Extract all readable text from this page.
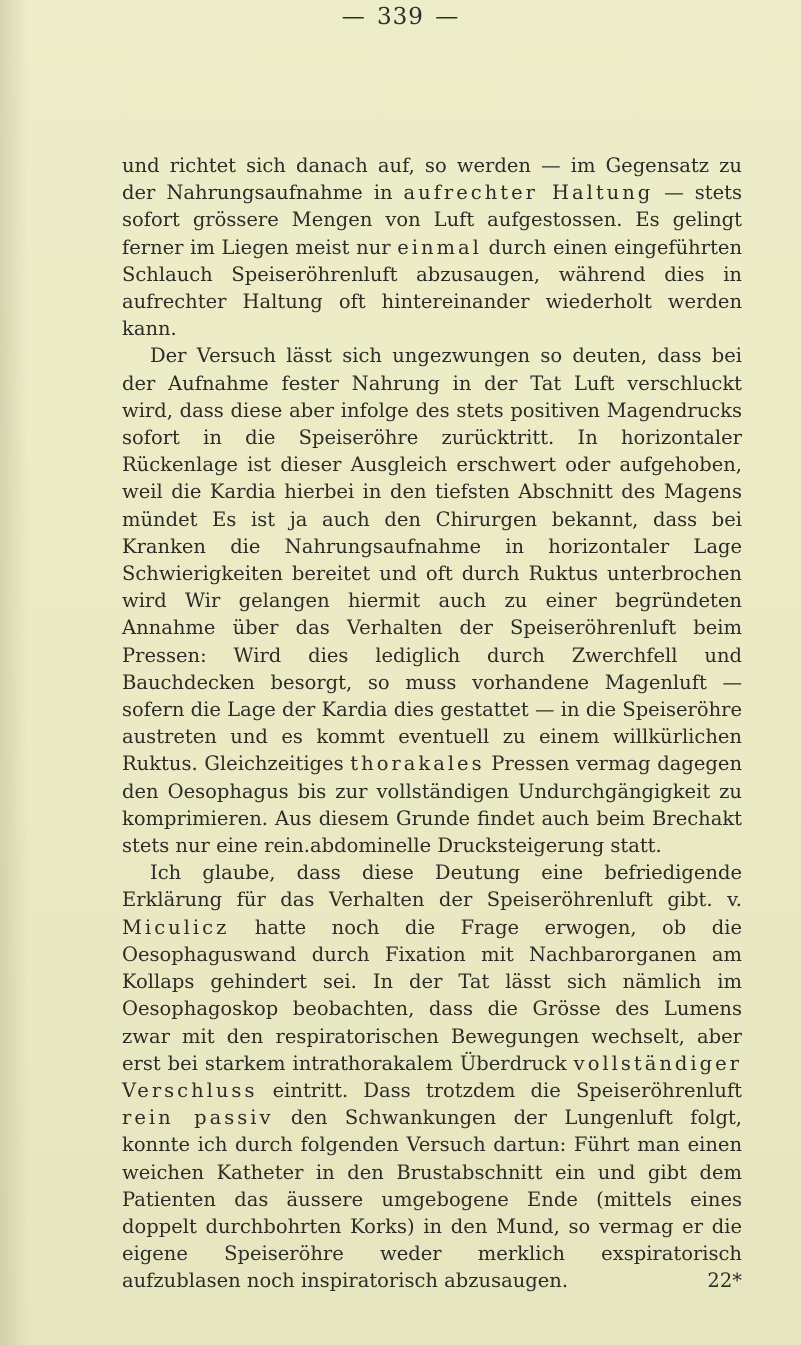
— 339 —

und richtet sich danach auf, so werden — im Gegensatz zu der Nahrungsaufnahme in aufrechter Haltung — stets sofort grössere Mengen von Luft aufgestossen. Es gelingt ferner im Liegen meist nur einmal durch einen eingeführten Schlauch Speiseröhrenluft abzusaugen, während dies in aufrechter Haltung oft hintereinander wiederholt werden kann.

Der Versuch lässt sich ungezwungen so deuten, dass bei der Aufnahme fester Nahrung in der Tat Luft verschluckt wird, dass diese aber infolge des stets positiven Magendrucks sofort in die Speiseröhre zurücktritt. In horizontaler Rückenlage ist dieser Ausgleich erschwert oder aufgehoben, weil die Kardia hierbei in den tiefsten Abschnitt des Magens mündet Es ist ja auch den Chirurgen bekannt, dass bei Kranken die Nahrungsaufnahme in horizontaler Lage Schwierigkeiten bereitet und oft durch Ruktus unterbrochen wird Wir gelangen hiermit auch zu einer begründeten Annahme über das Verhalten der Speiseröhrenluft beim Pressen: Wird dies lediglich durch Zwerchfell und Bauchdecken besorgt, so muss vorhandene Magenluft — sofern die Lage der Kardia dies gestattet — in die Speiseröhre austreten und es kommt eventuell zu einem willkürlichen Ruktus. Gleichzeitiges thorakales Pressen vermag dagegen den Oesophagus bis zur vollständigen Undurchgängigkeit zu komprimieren. Aus diesem Grunde findet auch beim Brechakt stets nur eine rein.abdominelle Drucksteigerung statt.

Ich glaube, dass diese Deutung eine befriedigende Erklärung für das Verhalten der Speiseröhrenluft gibt. v. Miculicz hatte noch die Frage erwogen, ob die Oesophaguswand durch Fixation mit Nachbarorganen am Kollaps gehindert sei. In der Tat lässt sich nämlich im Oesophagoskop beobachten, dass die Grösse des Lumens zwar mit den respiratorischen Bewegungen wechselt, aber erst bei starkem intrathorakalem Überdruck vollständiger Verschluss eintritt. Dass trotzdem die Speiseröhrenluft rein passiv den Schwankungen der Lungenluft folgt, konnte ich durch folgenden Versuch dartun: Führt man einen weichen Katheter in den Brustabschnitt ein und gibt dem Patienten das äussere umgebogene Ende (mittels eines doppelt durchbohrten Korks) in den Mund, so vermag er die eigene Speiseröhre weder merklich exspiratorisch aufzublasen noch inspiratorisch abzusaugen.	22*
